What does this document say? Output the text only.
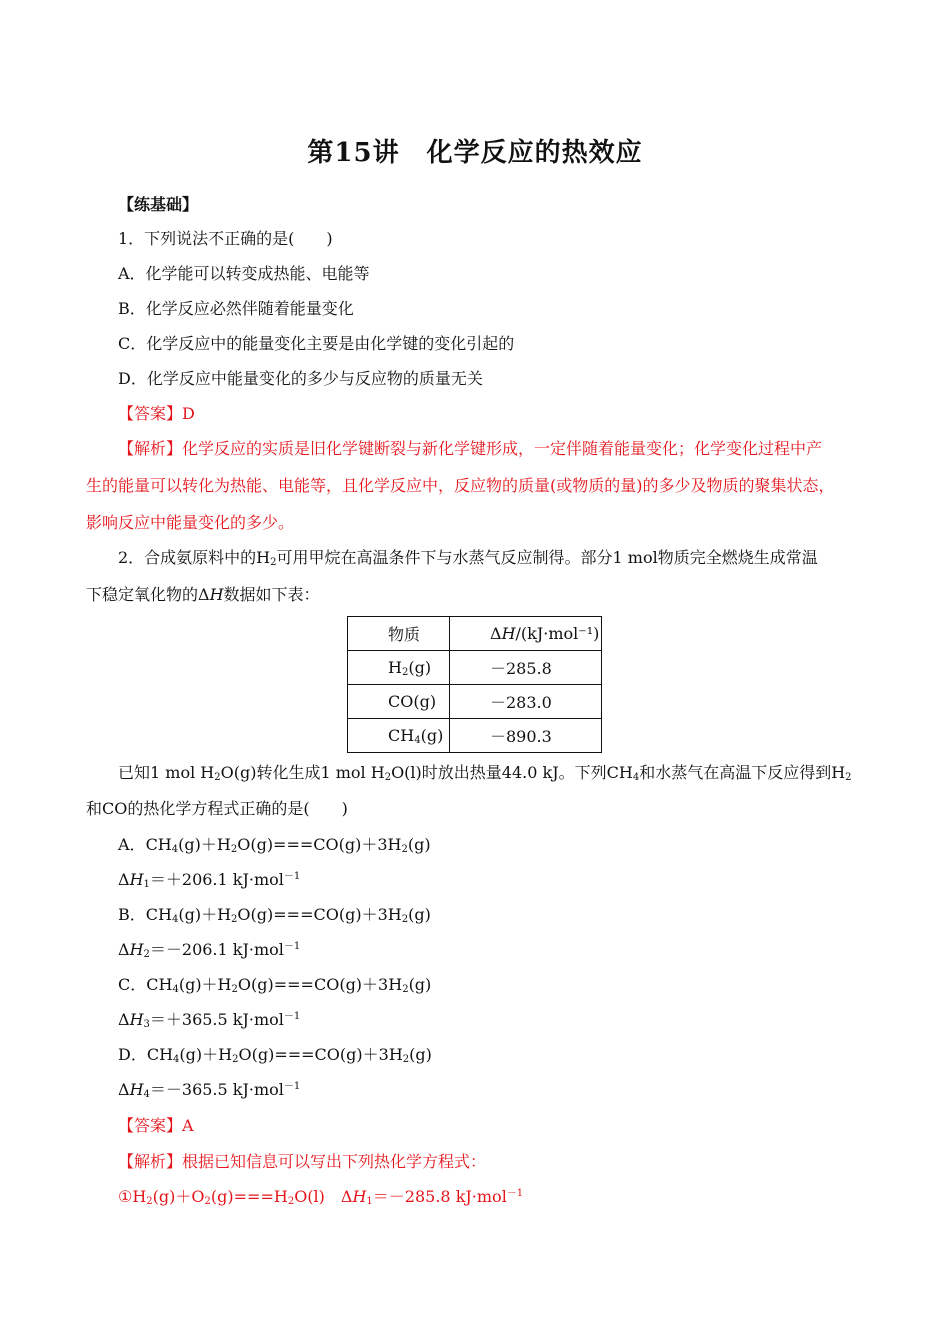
第15讲　化学反应的热效应
【练基础】
1．下列说法不正确的是(　　)
A．化学能可以转变成热能、电能等
B．化学反应必然伴随着能量变化
C．化学反应中的能量变化主要是由化学键的变化引起的
D．化学反应中能量变化的多少与反应物的质量无关
【答案】D
【解析】化学反应的实质是旧化学键断裂与新化学键形成，一定伴随着能量变化；化学变化过程中产
生的能量可以转化为热能、电能等，且化学反应中，反应物的质量(或物质的量)的多少及物质的聚集状态，
影响反应中能量变化的多少。
2．合成氨原料中的$H_2$可用甲烷在高温条件下与水蒸气反应制得。部分1 mol物质完全燃烧生成常温
下稳定氧化物的ΔH数据如下表：
物质	ΔH/(kJ·mol⁻¹)
$H_2(g)$	－285.8
CO(g)	－283.0
$CH_4(g)$	－890.3
已知1 mol $H_2O(g)$转化生成1 mol $H_2O(l)$时放出热量44.0 kJ。下列$CH_4$和水蒸气在高温下反应得到$H_2$
和CO的热化学方程式正确的是(　　)
A．$CH_4(g)+H_2O(g)===CO(g)+3H_2(g)$
$\Delta H_1=+206.1$ kJ·mol$^{-1}$
B．$CH_4(g)+H_2O(g)===CO(g)+3H_2(g)$
$\Delta H_2=-206.1$ kJ·mol$^{-1}$
C．$CH_4(g)+H_2O(g)===CO(g)+3H_2(g)$
$\Delta H_3=+365.5$ kJ·mol$^{-1}$
D．$CH_4(g)+H_2O(g)===CO(g)+3H_2(g)$
$\Delta H_4=-365.5$ kJ·mol$^{-1}$
【答案】A
【解析】根据已知信息可以写出下列热化学方程式：
$①H_2(g)+O_2(g)===H_2O(l)$　$\Delta H_1=-285.8$ kJ·mol$^{-1}$
